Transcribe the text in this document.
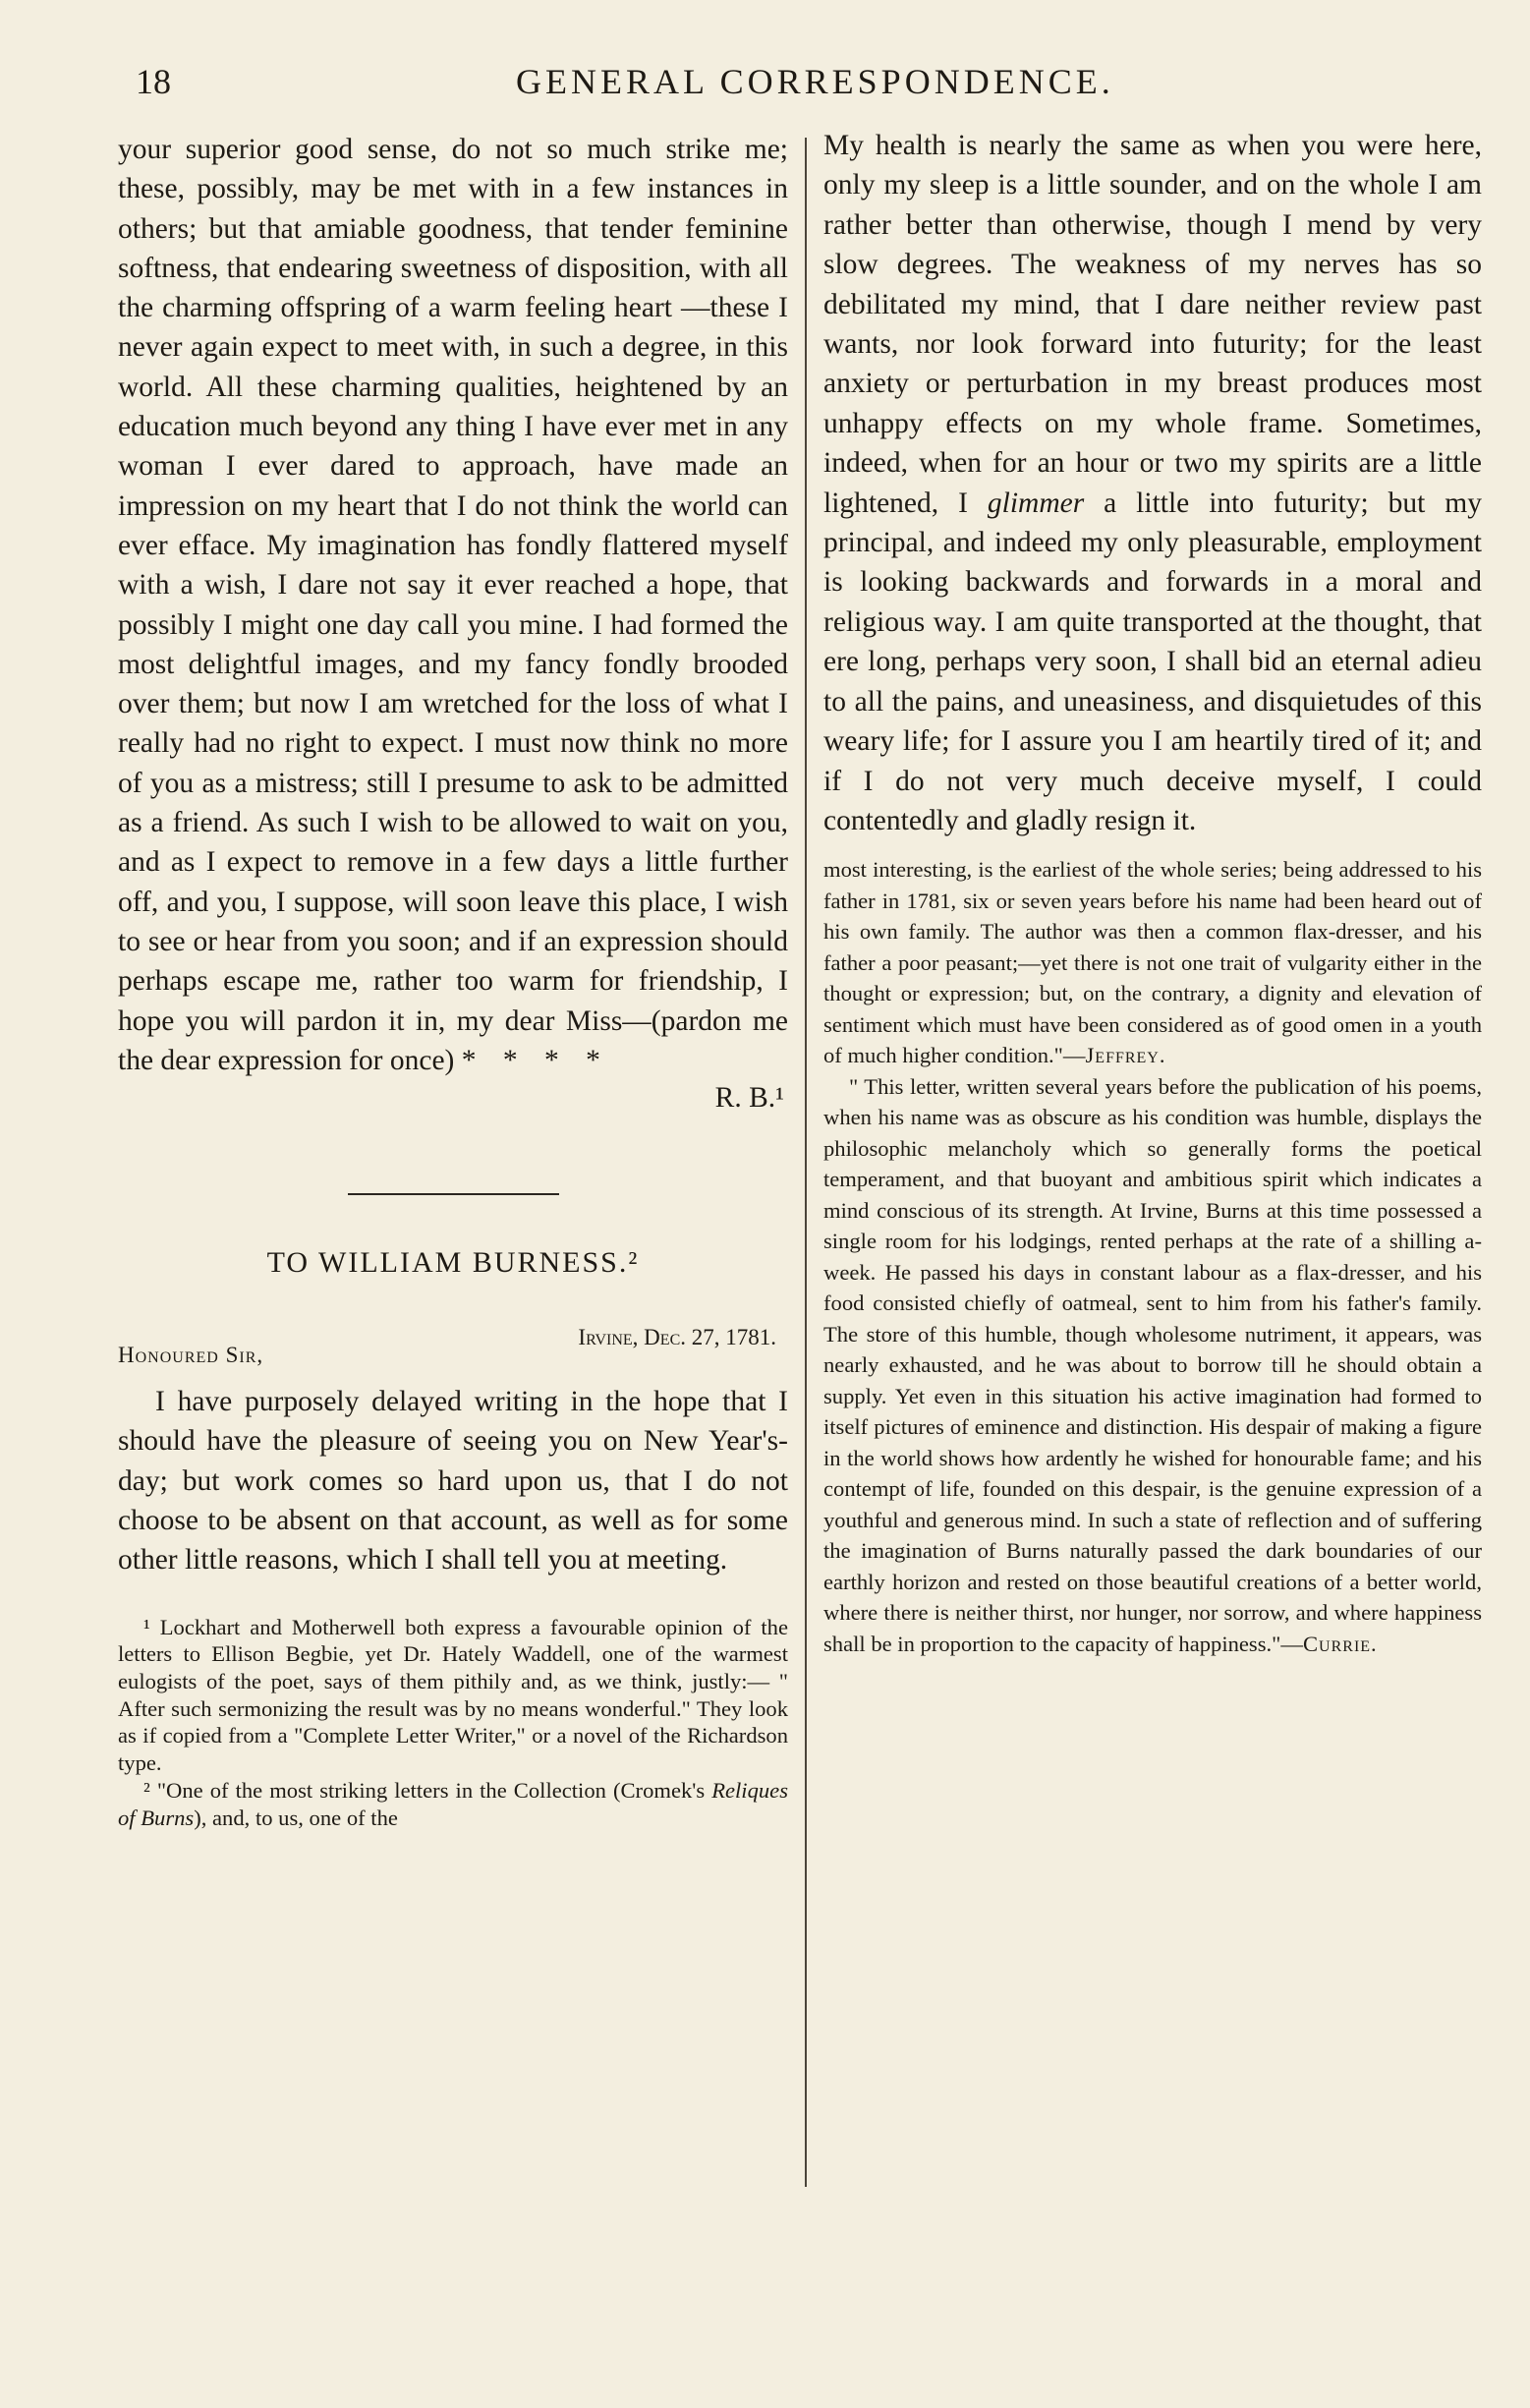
18	GENERAL CORRESPONDENCE.

your superior good sense, do not so much strike me; these, possibly, may be met with in a few instances in others; but that amiable goodness, that tender feminine softness, that endearing sweetness of disposition, with all the charming offspring of a warm feeling heart —these I never again expect to meet with, in such a degree, in this world. All these charming qualities, heightened by an education much beyond any thing I have ever met in any woman I ever dared to approach, have made an impression on my heart that I do not think the world can ever efface. My imagination has fondly flattered myself with a wish, I dare not say it ever reached a hope, that possibly I might one day call you mine. I had formed the most delightful images, and my fancy fondly brooded over them; but now I am wretched for the loss of what I really had no right to expect. I must now think no more of you as a mistress; still I presume to ask to be admitted as a friend. As such I wish to be allowed to wait on you, and as I expect to remove in a few days a little further off, and you, I suppose, will soon leave this place, I wish to see or hear from you soon; and if an expression should perhaps escape me, rather too warm for friendship, I hope you will pardon it in, my dear Miss—(pardon me the dear expression for once) * * * *

R. B.¹

TO WILLIAM BURNESS.²

Irvine, Dec. 27, 1781.

Honoured Sir,

I have purposely delayed writing in the hope that I should have the pleasure of seeing you on New Year's-day; but work comes so hard upon us, that I do not choose to be absent on that account, as well as for some other little reasons, which I shall tell you at meeting.

¹ Lockhart and Motherwell both express a favourable opinion of the letters to Ellison Begbie, yet Dr. Hately Waddell, one of the warmest eulogists of the poet, says of them pithily and, as we think, justly:— " After such sermonizing the result was by no means wonderful." They look as if copied from a "Complete Letter Writer," or a novel of the Richardson type.

² "One of the most striking letters in the Collection (Cromek's Reliques of Burns), and, to us, one of the

My health is nearly the same as when you were here, only my sleep is a little sounder, and on the whole I am rather better than otherwise, though I mend by very slow degrees. The weakness of my nerves has so debilitated my mind, that I dare neither review past wants, nor look forward into futurity; for the least anxiety or perturbation in my breast produces most unhappy effects on my whole frame. Sometimes, indeed, when for an hour or two my spirits are a little lightened, I glimmer a little into futurity; but my principal, and indeed my only pleasurable, employment is looking backwards and forwards in a moral and religious way. I am quite transported at the thought, that ere long, perhaps very soon, I shall bid an eternal adieu to all the pains, and uneasiness, and disquietudes of this weary life; for I assure you I am heartily tired of it; and if I do not very much deceive myself, I could contentedly and gladly resign it.

most interesting, is the earliest of the whole series; being addressed to his father in 1781, six or seven years before his name had been heard out of his own family. The author was then a common flax-dresser, and his father a poor peasant;—yet there is not one trait of vulgarity either in the thought or expression; but, on the contrary, a dignity and elevation of sentiment which must have been considered as of good omen in a youth of much higher condition."—Jeffrey.

" This letter, written several years before the publication of his poems, when his name was as obscure as his condition was humble, displays the philosophic melancholy which so generally forms the poetical temperament, and that buoyant and ambitious spirit which indicates a mind conscious of its strength. At Irvine, Burns at this time possessed a single room for his lodgings, rented perhaps at the rate of a shilling a-week. He passed his days in constant labour as a flax-dresser, and his food consisted chiefly of oatmeal, sent to him from his father's family. The store of this humble, though wholesome nutriment, it appears, was nearly exhausted, and he was about to borrow till he should obtain a supply. Yet even in this situation his active imagination had formed to itself pictures of eminence and distinction. His despair of making a figure in the world shows how ardently he wished for honourable fame; and his contempt of life, founded on this despair, is the genuine expression of a youthful and generous mind. In such a state of reflection and of suffering the imagination of Burns naturally passed the dark boundaries of our earthly horizon and rested on those beautiful creations of a better world, where there is neither thirst, nor hunger, nor sorrow, and where happiness shall be in proportion to the capacity of happiness."—Currie.
